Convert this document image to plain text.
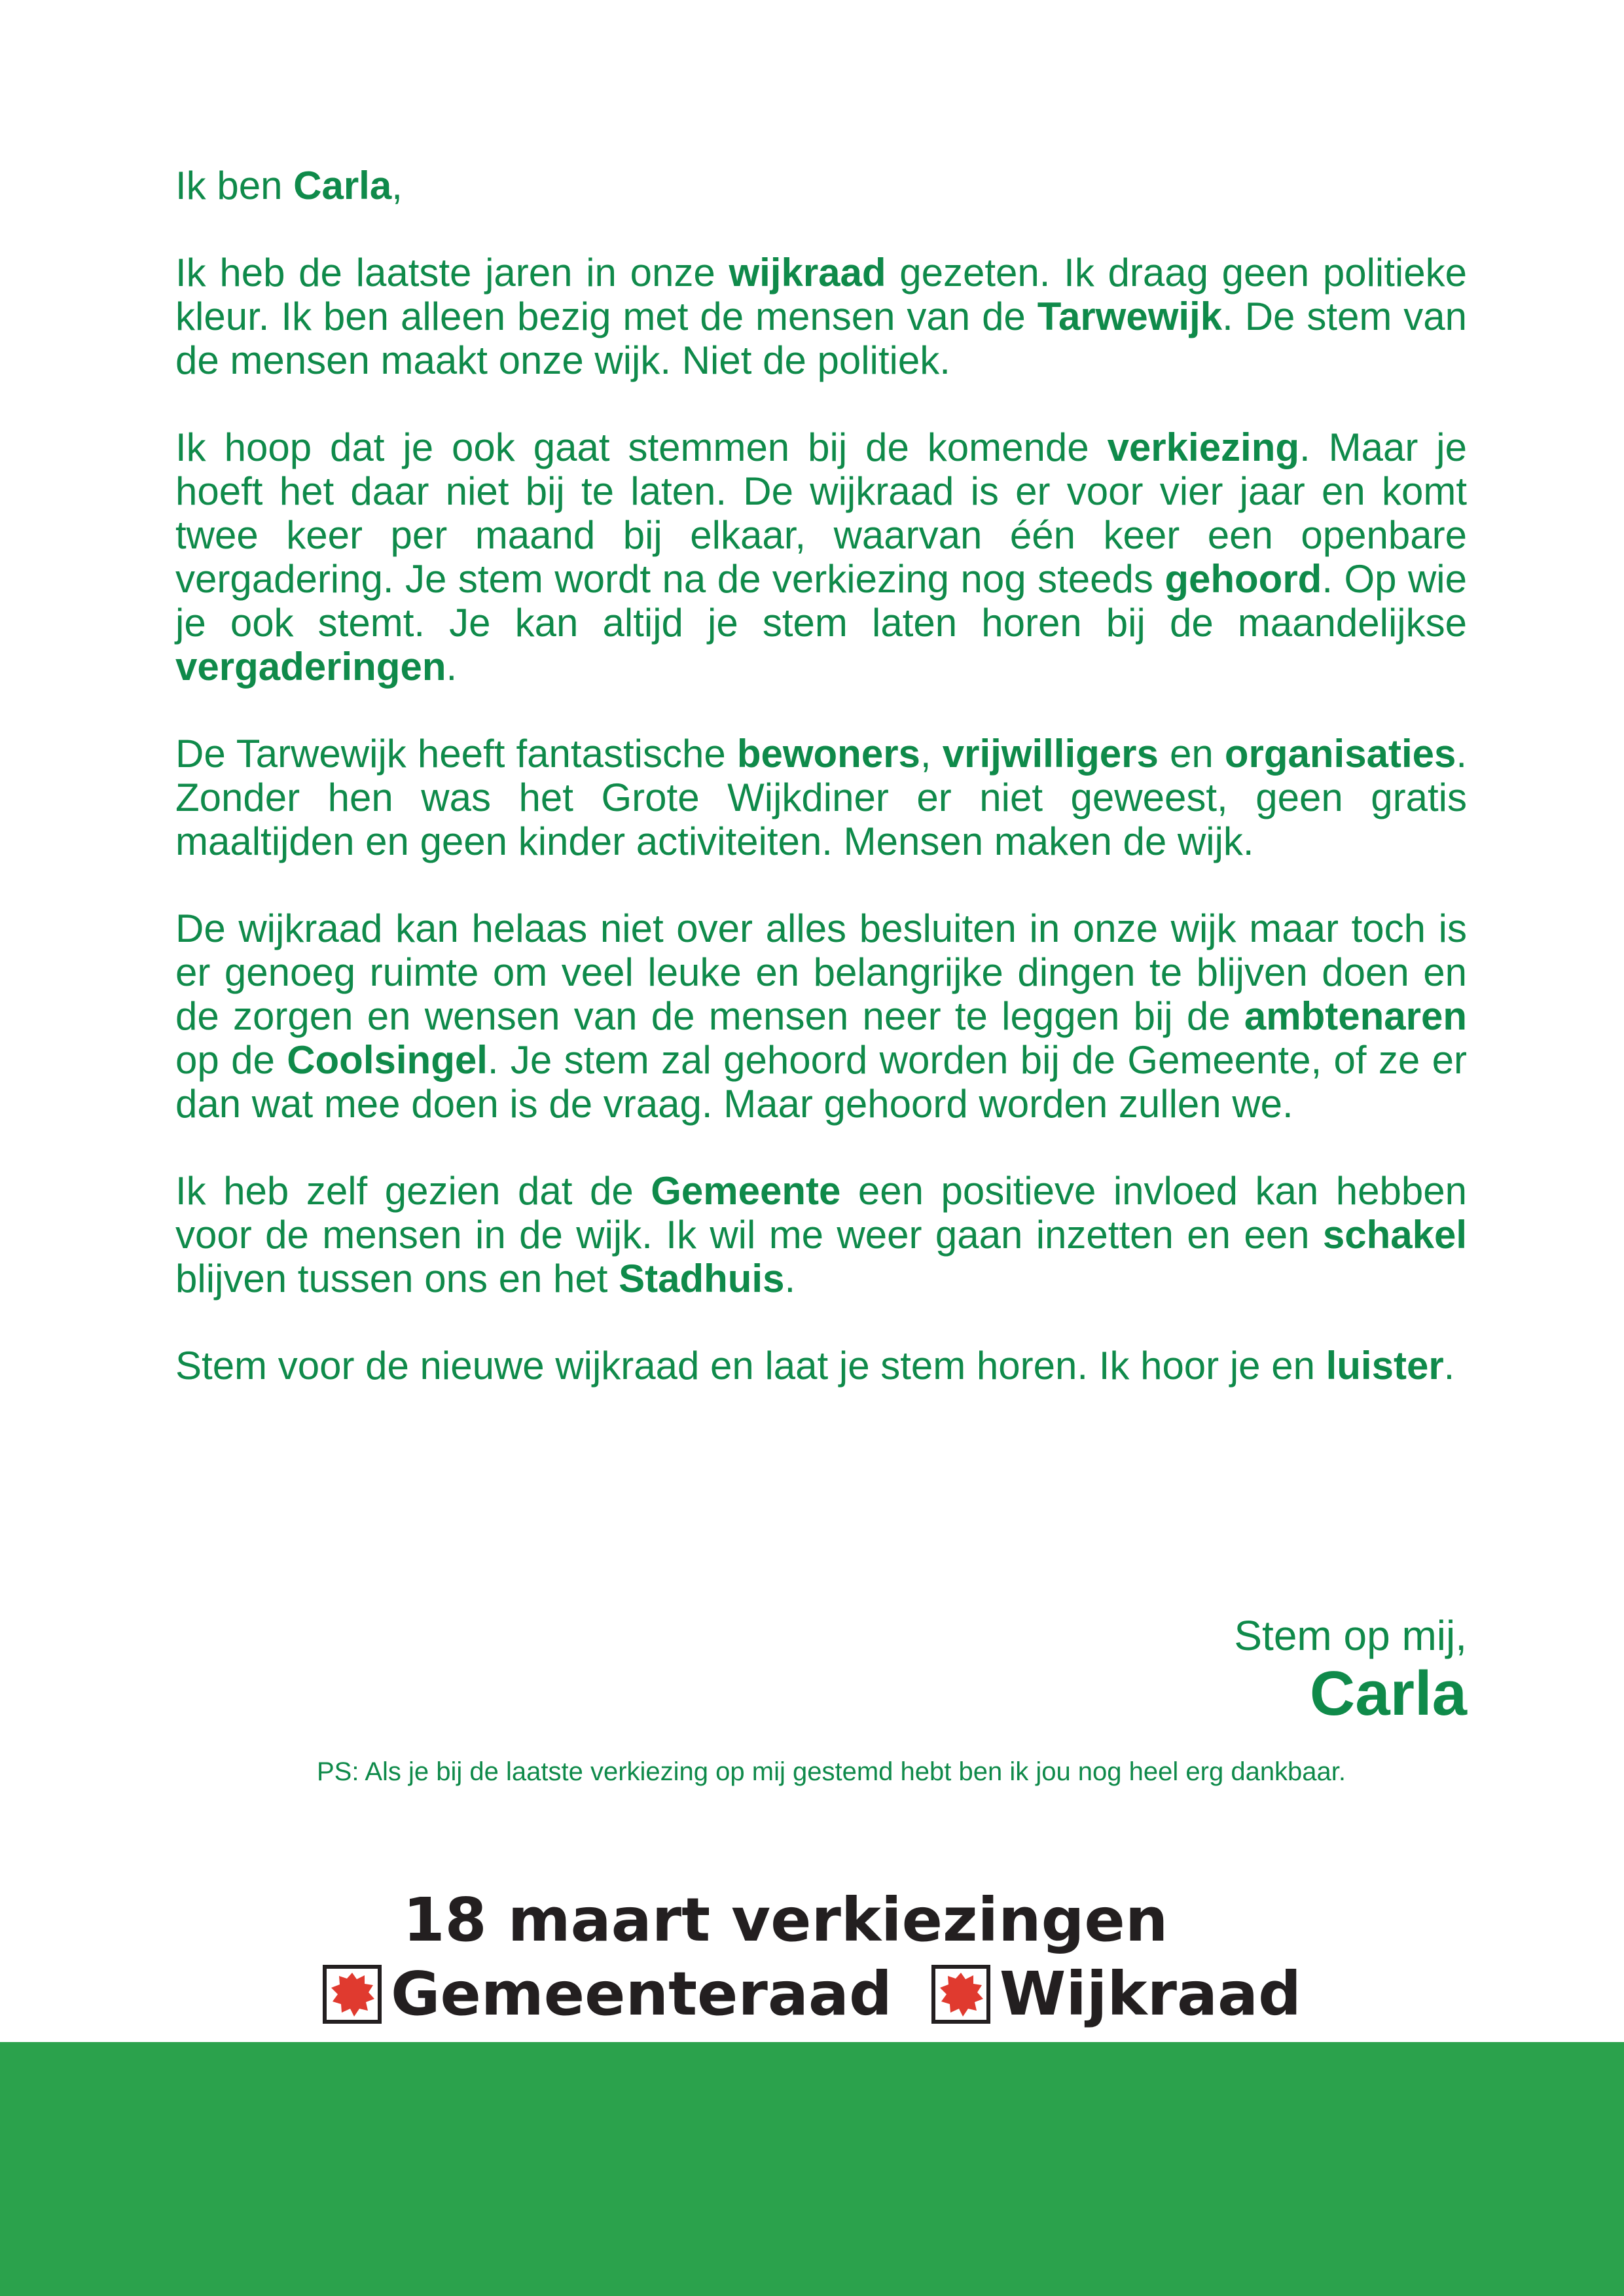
Ik ben Carla,

Ik heb de laatste jaren in onze wijkraad gezeten. Ik draag geen politieke kleur. Ik ben alleen bezig met de mensen van de Tarwewijk. De stem van de mensen maakt onze wijk. Niet de politiek.

Ik hoop dat je ook gaat stemmen bij de komende verkiezing. Maar je hoeft het daar niet bij te laten. De wijkraad is er voor vier jaar en komt twee keer per maand bij elkaar, waarvan één keer een openbare vergadering. Je stem wordt na de verkiezing nog steeds gehoord. Op wie je ook stemt. Je kan altijd je stem laten horen bij de maandelijkse vergaderingen.

De Tarwewijk heeft fantastische bewoners, vrijwilligers en organisaties. Zonder hen was het Grote Wijkdiner er niet geweest, geen gratis maaltijden en geen kinder activiteiten. Mensen maken de wijk.

De wijkraad kan helaas niet over alles besluiten in onze wijk maar toch is er genoeg ruimte om veel leuke en belangrijke dingen te blijven doen en de zorgen en wensen van de mensen neer te leggen bij de ambtenaren op de Coolsingel. Je stem zal gehoord worden bij de Gemeente, of ze er dan wat mee doen is de vraag. Maar gehoord worden zullen we.

Ik heb zelf gezien dat de Gemeente een positieve invloed kan hebben voor de mensen in de wijk. Ik wil me weer gaan inzetten en een schakel blijven tussen ons en het Stadhuis.

Stem voor de nieuwe wijkraad en laat je stem horen. Ik hoor je en luister.

Stem op mij,
Carla
PS: Als je bij de laatste verkiezing op mij gestemd hebt ben ik jou nog heel erg dankbaar.
18 maart verkiezingen
Gemeenteraad Wijkraad
